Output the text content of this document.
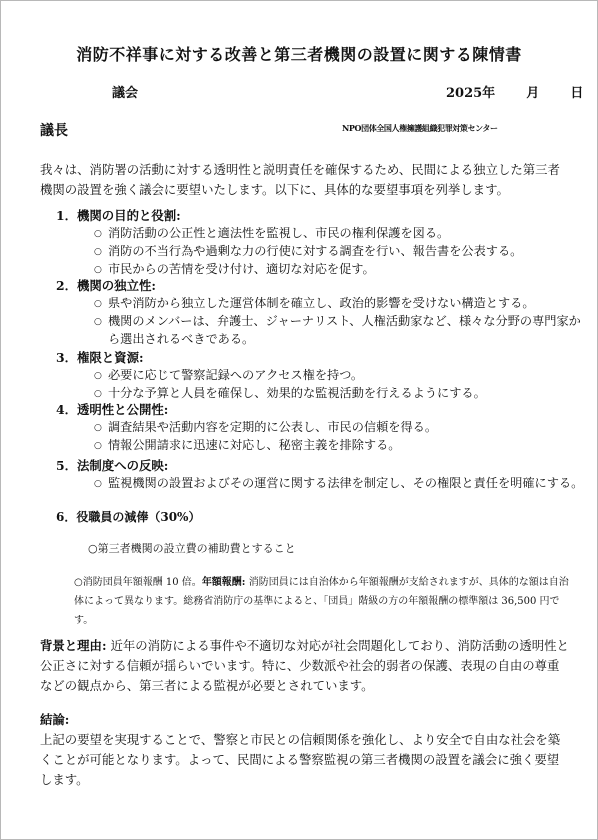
消防不祥事に対する改善と第三者機関の設置に関する陳情書
議会	2025年 月 日
議長	NPO団体全国人権擁護組織犯罪対策センター
我々は、消防署の活動に対する透明性と説明責任を確保するため、民間による独立した第三者機関の設置を強く議会に要望いたします。以下に、具体的な要望事項を列挙します。
1．機関の目的と役割:
○ 消防活動の公正性と適法性を監視し、市民の権利保護を図る。
○ 消防の不当行為や過剰な力の行使に対する調査を行い、報告書を公表する。
○ 市民からの苦情を受け付け、適切な対応を促す。
2．機関の独立性:
○ 県や消防から独立した運営体制を確立し、政治的影響を受けない構造とする。
○ 機関のメンバーは、弁護士、ジャーナリスト、人権活動家など、様々な分野の専門家か
ら選出されるべきである。
3．権限と資源:
○ 必要に応じて警察記録へのアクセス権を持つ。
○ 十分な予算と人員を確保し、効果的な監視活動を行えるようにする。
4．透明性と公開性:
○ 調査結果や活動内容を定期的に公表し、市民の信頼を得る。
○ 情報公開請求に迅速に対応し、秘密主義を排除する。
5．法制度への反映:
○ 監視機関の設置およびその運営に関する法律を制定し、その権限と責任を明確にする。
6．役職員の減俸（30%）
○第三者機関の設立費の補助費とすること
○消防団員年額報酬 10 倍。年額報酬: 消防団員には自治体から年額報酬が支給されますが、具体的な額は自治
体によって異なります。総務省消防庁の基準によると、「団員」階級の方の年額報酬の標準額は 36,500 円で
す。
背景と理由: 近年の消防による事件や不適切な対応が社会問題化しており、消防活動の透明性と公正さに対する信頼が揺らいでいます。特に、少数派や社会的弱者の保護、表現の自由の尊重などの観点から、第三者による監視が必要とされています。
結論:
上記の要望を実現することで、警察と市民との信頼関係を強化し、より安全で自由な社会を築くことが可能となります。よって、民間による警察監視の第三者機関の設置を議会に強く要望します。
